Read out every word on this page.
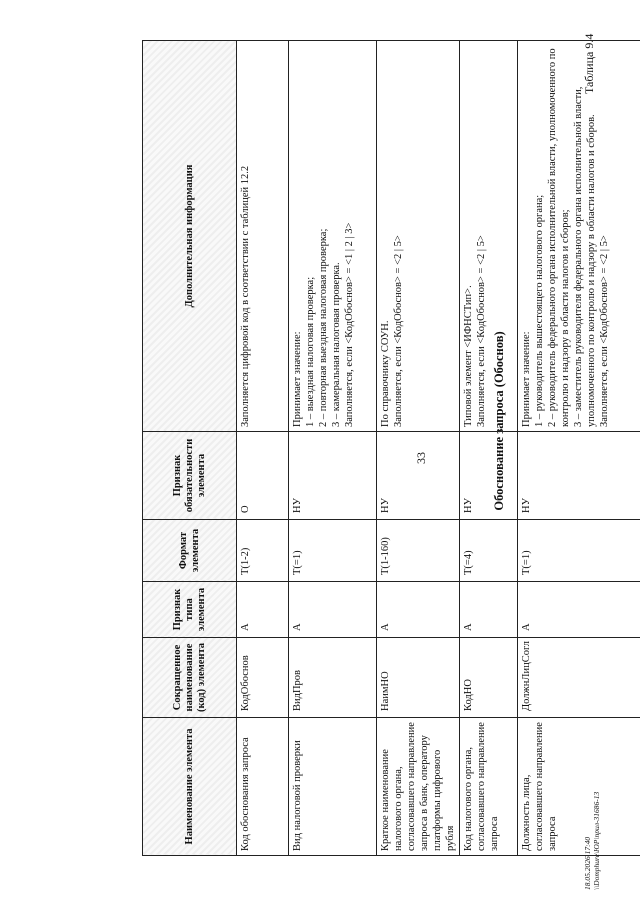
33
Таблица 9.4
Обоснование запроса (Обоснов)
Наименование элемента	Сокращенное наименование (код) элемента	Признак типа элемента	Формат элемента	Признак обязательности элемента	Дополнительная информация
Код обоснования запроса	КодОбоснов	А	Т(1-2)	О	Заполняется цифровой код в соответствии с таблицей 12.2
Вид налоговой проверки	ВидПров	А	Т(=1)	НУ	Принимает значение:
1 – выездная налоговая проверка;
2 – повторная выездная налоговая проверка;
3 – камеральная налоговая проверка.
Заполняется, если <КодОбоснов> = <1 | 2 | 3>
Краткое наименование налогового органа, согласовавшего направление запроса в банк, оператору платформы цифрового рубля	НаимНО	А	Т(1-160)	НУ	По справочнику СОУН.
Заполняется, если <КодОбоснов> = <2 | 5>
Код налогового органа, согласовавшего направление запроса	КодНО	А	Т(=4)	НУ	Типовой элемент <ИФНСТип>.
Заполняется, если <КодОбоснов> = <2 | 5>
Должность лица, согласовавшего направление запроса	ДолжнЛицСогл	А	Т(=1)	НУ	Принимает значение:
1 – руководитель вышестоящего налогового органа;
2 – руководитель федерального органа исполнительной власти, уполномоченного по контролю и надзору в области налогов и сборов;
3 – заместитель руководителя федерального органа исполнительной власти, уполномоченного по контролю и надзору в области налогов и сборов.
Заполняется, если <КодОбоснов> = <2 | 5>
18.05.2026 17:40 \\Domphure\ЮР\прил-31686-13
